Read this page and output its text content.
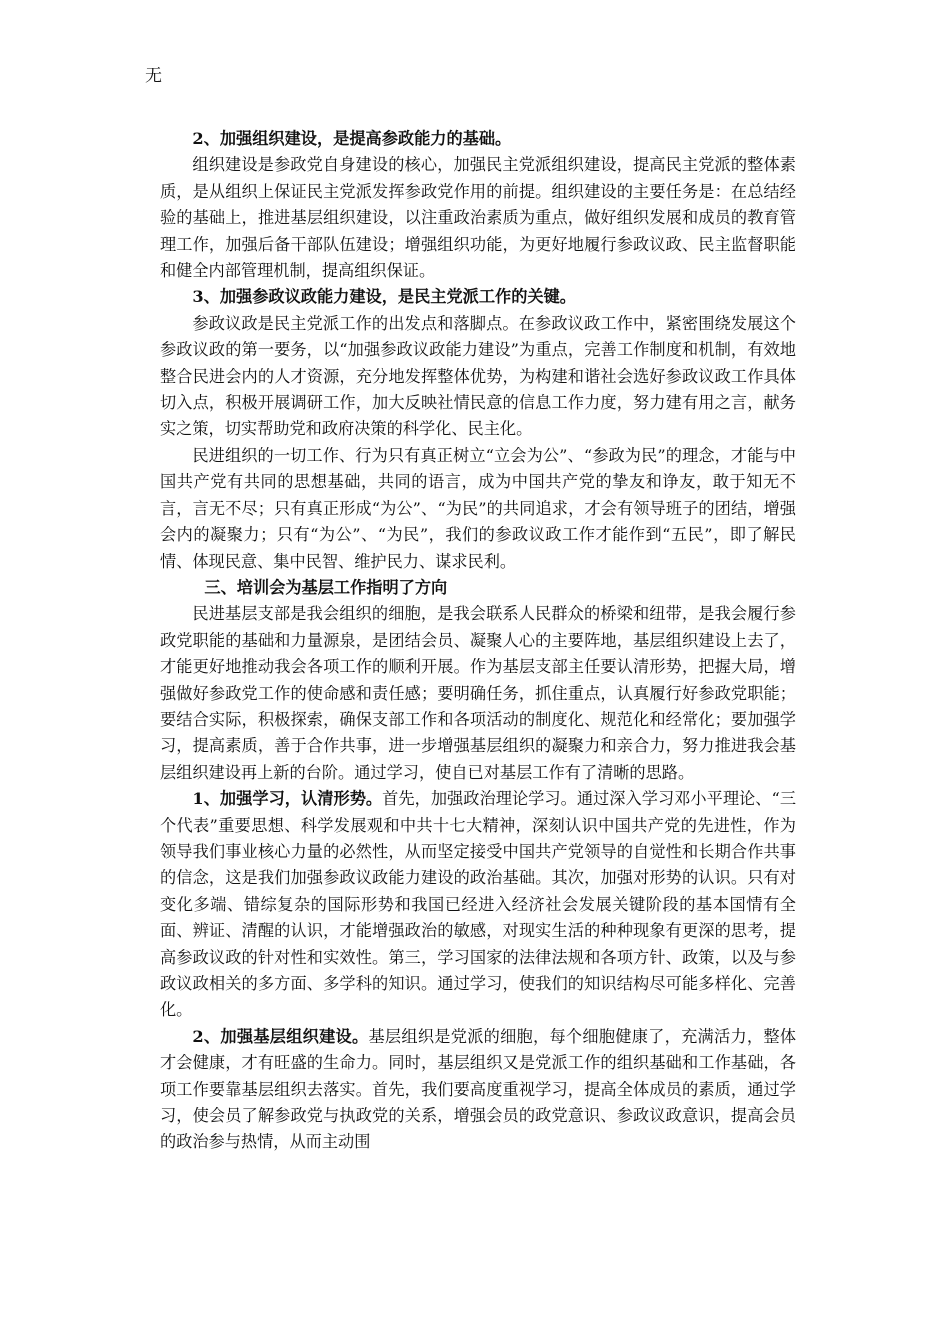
无

2、加强组织建设，是提高参政能力的基础。

组织建设是参政党自身建设的核心，加强民主党派组织建设，提高民主党派的整体素质，是从组织上保证民主党派发挥参政党作用的前提。组织建设的主要任务是：在总结经验的基础上，推进基层组织建设，以注重政治素质为重点，做好组织发展和成员的教育管理工作，加强后备干部队伍建设；增强组织功能，为更好地履行参政议政、民主监督职能和健全内部管理机制，提高组织保证。

3、加强参政议政能力建设，是民主党派工作的关键。

参政议政是民主党派工作的出发点和落脚点。在参政议政工作中，紧密围绕发展这个参政议政的第一要务，以“加强参政议政能力建设”为重点，完善工作制度和机制，有效地整合民进会内的人才资源，充分地发挥整体优势，为构建和谐社会选好参政议政工作具体切入点，积极开展调研工作，加大反映社情民意的信息工作力度，努力建有用之言，献务实之策，切实帮助党和政府决策的科学化、民主化。

民进组织的一切工作、行为只有真正树立“立会为公”、“参政为民”的理念，才能与中国共产党有共同的思想基础，共同的语言，成为中国共产党的挚友和诤友，敢于知无不言，言无不尽；只有真正形成“为公”、“为民”的共同追求，才会有领导班子的团结，增强会内的凝聚力；只有“为公”、“为民”，我们的参政议政工作才能作到“五民”，即了解民情、体现民意、集中民智、维护民力、谋求民利。

三、培训会为基层工作指明了方向

民进基层支部是我会组织的细胞，是我会联系人民群众的桥梁和纽带，是我会履行参政党职能的基础和力量源泉，是团结会员、凝聚人心的主要阵地，基层组织建设上去了，才能更好地推动我会各项工作的顺利开展。作为基层支部主任要认清形势，把握大局，增强做好参政党工作的使命感和责任感；要明确任务，抓住重点，认真履行好参政党职能；要结合实际，积极探索，确保支部工作和各项活动的制度化、规范化和经常化；要加强学习，提高素质，善于合作共事，进一步增强基层组织的凝聚力和亲合力，努力推进我会基层组织建设再上新的台阶。通过学习，使自已对基层工作有了清晰的思路。

1、加强学习，认清形势。首先，加强政治理论学习。通过深入学习邓小平理论、“三个代表”重要思想、科学发展观和中共十七大精神，深刻认识中国共产党的先进性，作为领导我们事业核心力量的必然性，从而坚定接受中国共产党领导的自觉性和长期合作共事的信念，这是我们加强参政议政能力建设的政治基础。其次，加强对形势的认识。只有对变化多端、错综复杂的国际形势和我国已经进入经济社会发展关键阶段的基本国情有全面、辨证、清醒的认识，才能增强政治的敏感，对现实生活的种种现象有更深的思考，提高参政议政的针对性和实效性。第三，学习国家的法律法规和各项方针、政策，以及与参政议政相关的多方面、多学科的知识。通过学习，使我们的知识结构尽可能多样化、完善化。

2、加强基层组织建设。基层组织是党派的细胞，每个细胞健康了，充满活力，整体才会健康，才有旺盛的生命力。同时，基层组织又是党派工作的组织基础和工作基础，各项工作要靠基层组织去落实。首先，我们要高度重视学习，提高全体成员的素质，通过学习，使会员了解参政党与执政党的关系，增强会员的政党意识、参政议政意识，提高会员的政治参与热情，从而主动围
